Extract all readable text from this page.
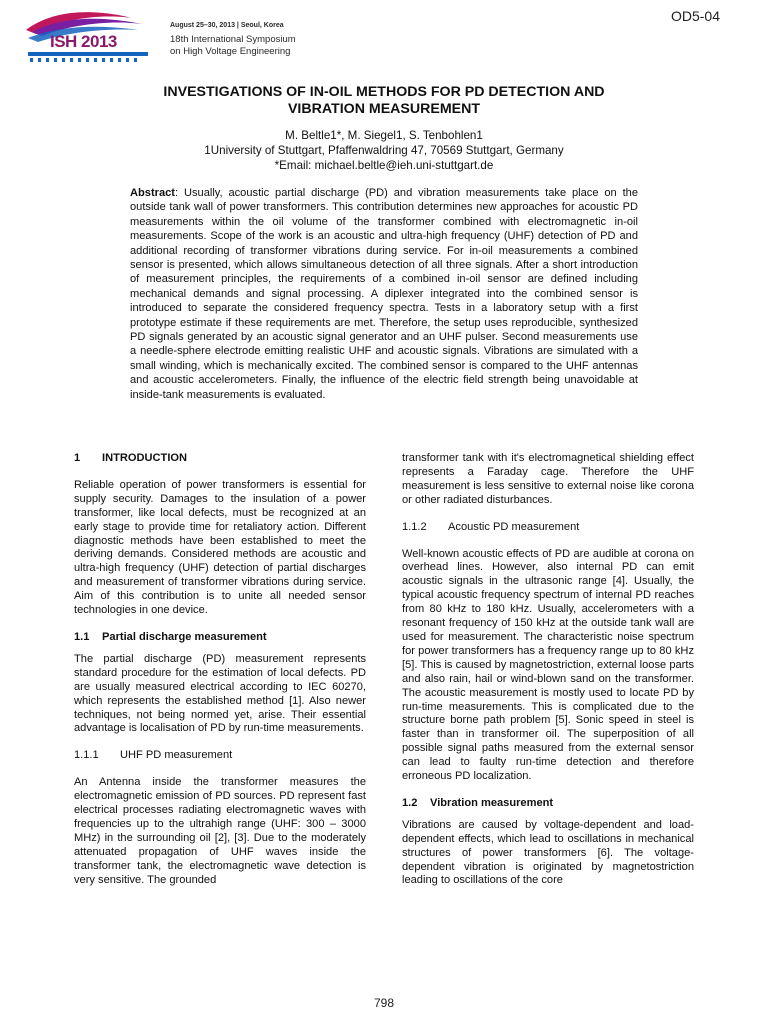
ISH 2013
August 25–30, 2013 | Seoul, Korea
18th International Symposium
on High Voltage Engineering
OD5-04
INVESTIGATIONS OF IN-OIL METHODS FOR PD DETECTION AND
VIBRATION MEASUREMENT
M. Beltle1*, M. Siegel1, S. Tenbohlen1
1University of Stuttgart, Pfaffenwaldring 47, 70569 Stuttgart, Germany
*Email: michael.beltle@ieh.uni-stuttgart.de
Abstract: Usually, acoustic partial discharge (PD) and vibration measurements take place on the outside tank wall of power transformers. This contribution determines new approaches for acoustic PD measurements within the oil volume of the transformer combined with electromagnetic in-oil measurements. Scope of the work is an acoustic and ultra-high frequency (UHF) detection of PD and additional recording of transformer vibrations during service. For in-oil measurements a combined sensor is presented, which allows simultaneous detection of all three signals. After a short introduction of measurement principles, the requirements of a combined in-oil sensor are defined including mechanical demands and signal processing. A diplexer integrated into the combined sensor is introduced to separate the considered frequency spectra. Tests in a laboratory setup with a first prototype estimate if these requirements are met. Therefore, the setup uses reproducible, synthesized PD signals generated by an acoustic signal generator and an UHF pulser. Second measurements use a needle-sphere electrode emitting realistic UHF and acoustic signals. Vibrations are simulated with a small winding, which is mechanically excited. The combined sensor is compared to the UHF antennas and acoustic accelerometers. Finally, the influence of the electric field strength being unavoidable at inside-tank measurements is evaluated.
1 INTRODUCTION

Reliable operation of power transformers is essential for supply security. Damages to the insulation of a power transformer, like local defects, must be recognized at an early stage to provide time for retaliatory action. Different diagnostic methods have been established to meet the deriving demands. Considered methods are acoustic and ultra-high frequency (UHF) detection of partial discharges and measurement of transformer vibrations during service. Aim of this contribution is to unite all needed sensor technologies in one device.

1.1 Partial discharge measurement

The partial discharge (PD) measurement represents standard procedure for the estimation of local defects. PD are usually measured electrical according to IEC 60270, which represents the established method [1]. Also newer techniques, not being normed yet, arise. Their essential advantage is localisation of PD by run-time measurements.

1.1.1 UHF PD measurement

An Antenna inside the transformer measures the electromagnetic emission of PD sources. PD represent fast electrical processes radiating electromagnetic waves with frequencies up to the ultrahigh range (UHF: 300 – 3000 MHz) in the surrounding oil [2], [3]. Due to the moderately attenuated propagation of UHF waves inside the transformer tank, the electromagnetic wave detection is very sensitive. The grounded

transformer tank with it's electromagnetical shielding effect represents a Faraday cage. Therefore the UHF measurement is less sensitive to external noise like corona or other radiated disturbances.

1.1.2 Acoustic PD measurement

Well-known acoustic effects of PD are audible at corona on overhead lines. However, also internal PD can emit acoustic signals in the ultrasonic range [4]. Usually, the typical acoustic frequency spectrum of internal PD reaches from 80 kHz to 180 kHz. Usually, accelerometers with a resonant frequency of 150 kHz at the outside tank wall are used for measurement. The characteristic noise spectrum for power transformers has a frequency range up to 80 kHz [5]. This is caused by magnetostriction, external loose parts and also rain, hail or wind-blown sand on the transformer. The acoustic measurement is mostly used to locate PD by run-time measurements. This is complicated due to the structure borne path problem [5]. Sonic speed in steel is faster than in transformer oil. The superposition of all possible signal paths measured from the external sensor can lead to faulty run-time detection and therefore erroneous PD localization.

1.2 Vibration measurement

Vibrations are caused by voltage-dependent and load-dependent effects, which lead to oscillations in mechanical structures of power transformers [6]. The voltage-dependent vibration is originated by magnetostriction leading to oscillations of the core

798
